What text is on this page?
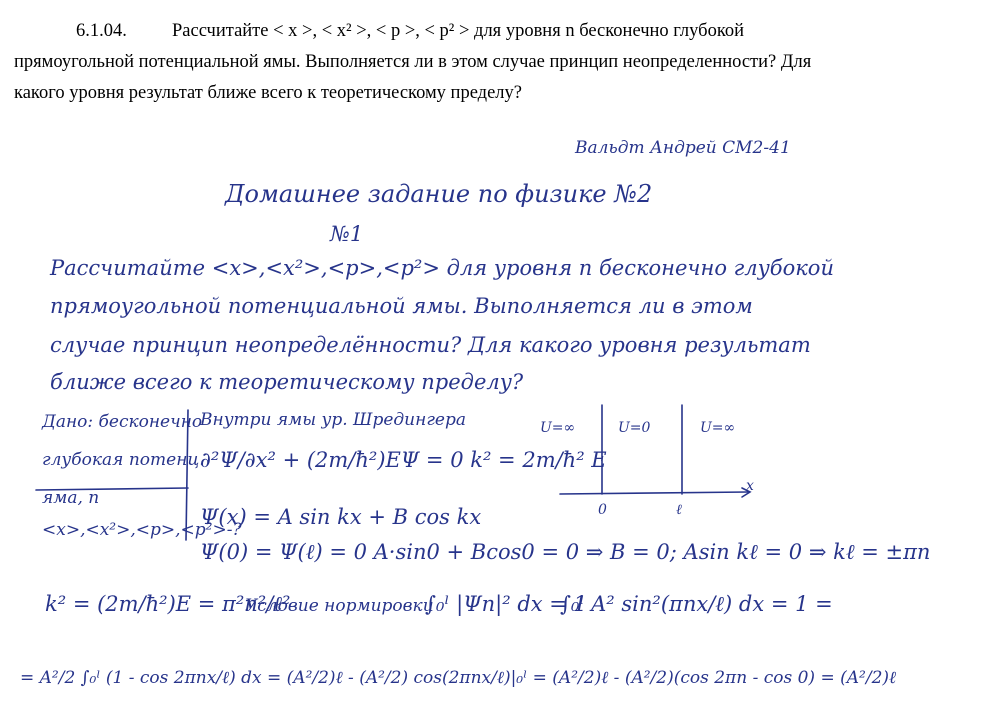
6.1.04. Рассчитайте < x >, < x² >, < p >, < p² > для уровня n бесконечно глубокой
прямоугольной потенциальной ямы. Выполняется ли в этом случае принцип неопределенности? Для
какого уровня результат ближе всего к теоретическому пределу?
Вальдт Андрей СМ2-41
Домашнее задание по физике №2
№1
Рассчитайте <x>,<x²>,<p>,<p²> для уровня n бесконечно глубокой
прямоугольной потенциальной ямы. Выполняется ли в этом
случае принцип неопределённости? Для какого уровня результат
ближе всего к теоретическому пределу?
Дано: бесконечно
глубокая потенц.
яма, n
<x>,<x²>,<p>,<p²>-?
Внутри ямы ур. Шредингера
∂²Ψ/∂x² + (2m/ħ²)EΨ = 0 k² = 2m/ħ² E
Ψ(x) = A sin kx + B cos kx
Ψ(0) = Ψ(ℓ) = 0 A·sin0 + Bcos0 = 0 ⇒ B = 0; Asin kℓ = 0 ⇒ kℓ = ±πn
k² = (2m/ħ²)E = π²n²/ℓ²
Условие нормировки
∫₀ˡ |Ψn|² dx = 1
∫₀ˡ A² sin²(πnx/ℓ) dx = 1 =
= A²/2 ∫₀ˡ (1 - cos 2πnx/ℓ) dx = (A²/2)ℓ - (A²/2) cos(2πnx/ℓ)|₀ˡ = (A²/2)ℓ - (A²/2)(cos 2πn - cos 0) = (A²/2)ℓ
U=∞	U=0	U=∞
x
0	ℓ
